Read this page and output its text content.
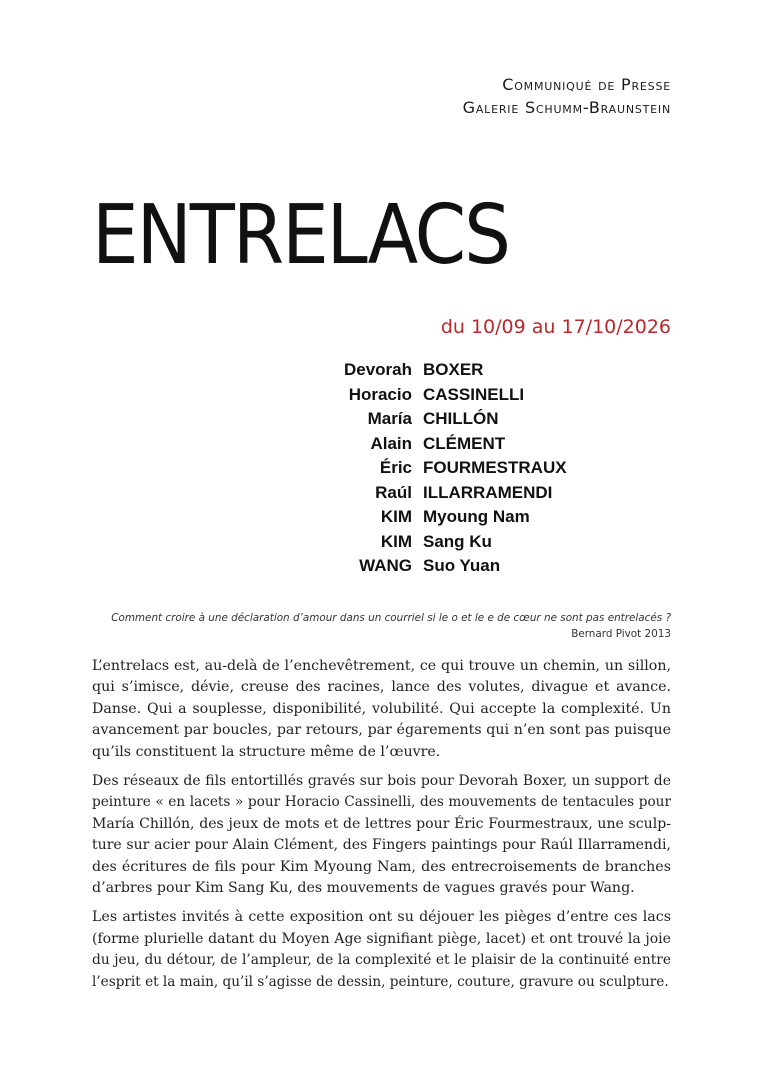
Communiqué de Presse
Galerie Schumm-Braunstein
ENTRELACS
du 10/09 au 17/10/2026
Devorah BOXER
Horacio CASSINELLI
María CHILLÓN
Alain CLÉMENT
Éric FOURMESTRAUX
Raúl ILLARRAMENDI
KIM Myoung Nam
KIM Sang Ku
WANG Suo Yuan
Comment croire à une déclaration d’amour dans un courriel si le o et le e de cœur ne sont pas entrelacés ?
Bernard Pivot 2013

L’entrelacs est, au-delà de l’enchevêtrement, ce qui trouve un chemin, un sillon,
qui s’imisce, dévie, creuse des racines, lance des volutes, divague et avance.
Danse. Qui a souplesse, disponibilité, volubilité. Qui accepte la complexité. Un
avancement par boucles, par retours, par égarements qui n’en sont pas puisque
qu’ils constituent la structure même de l’œuvre.

Des réseaux de fils entortillés gravés sur bois pour Devorah Boxer, un support de
peinture « en lacets » pour Horacio Cassinelli, des mouvements de tentacules pour
María Chillón, des jeux de mots et de lettres pour Éric Fourmestraux, une sculp-
ture sur acier pour Alain Clément, des Fingers paintings pour Raúl Illarramendi,
des écritures de fils pour Kim Myoung Nam, des entrecroisements de branches
d’arbres pour Kim Sang Ku, des mouvements de vagues gravés pour Wang.

Les artistes invités à cette exposition ont su déjouer les pièges d’entre ces lacs
(forme plurielle datant du Moyen Age signifiant piège, lacet) et ont trouvé la joie
du jeu, du détour, de l’ampleur, de la complexité et le plaisir de la continuité entre
l’esprit et la main, qu’il s’agisse de dessin, peinture, couture, gravure ou sculpture.
